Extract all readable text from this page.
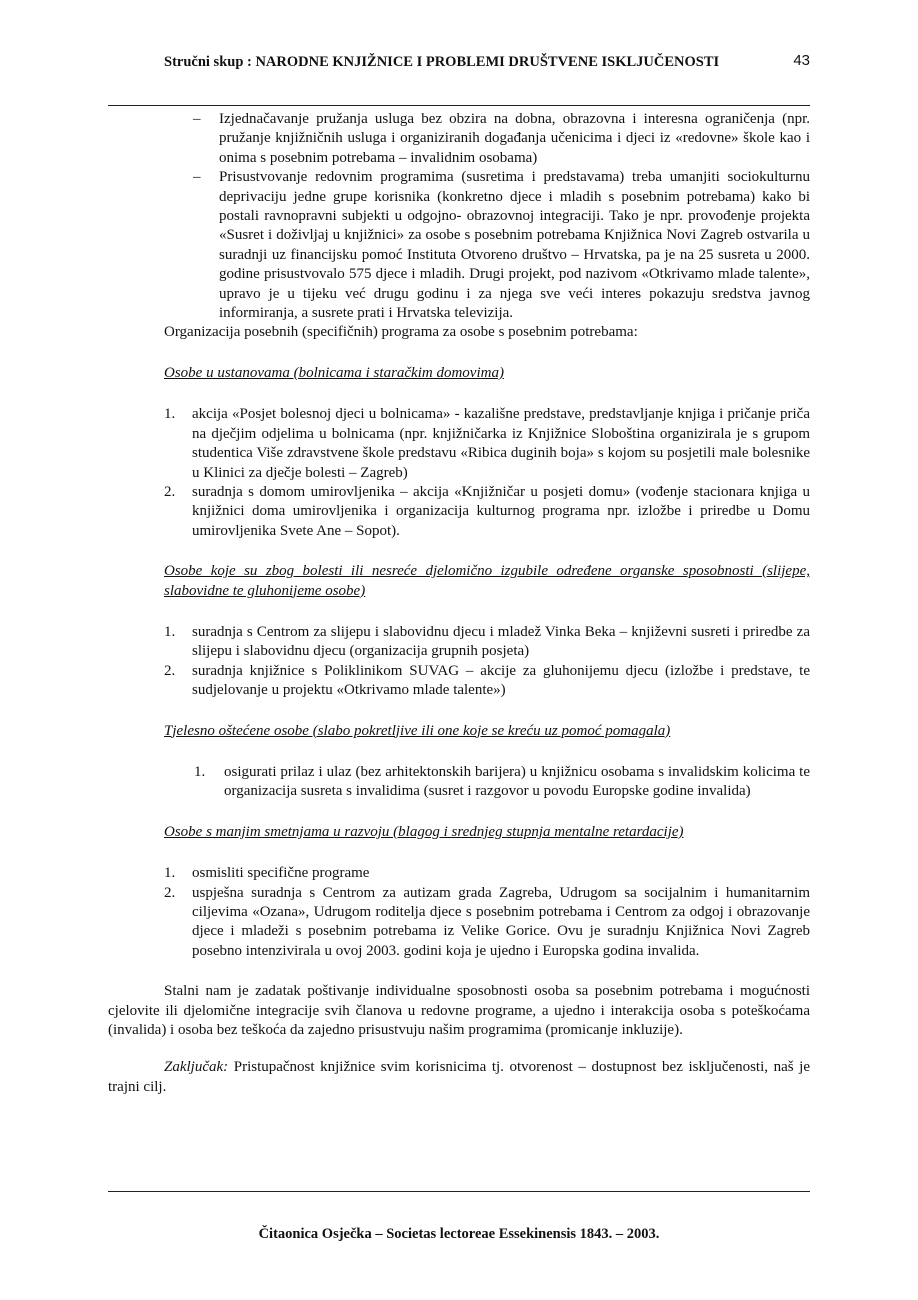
Stručni skup : NARODNE KNJIŽNICE I PROBLEMI DRUŠTVENE ISKLJUČENOSTI	43
– Izjednačavanje pružanja usluga bez obzira na dobna, obrazovna i interesna ograničenja (npr. pružanje knjižničnih usluga i organiziranih događanja učenicima i djeci iz «redovne» škole kao i onima s posebnim potrebama – invalidnim osobama)
– Prisustvovanje redovnim programima (susretima i predstavama) treba umanjiti sociokulturnu deprivaciju jedne grupe korisnika (konkretno djece i mladih s posebnim potrebama) kako bi postali ravnopravni subjekti u odgojno- obrazovnoj integraciji. Tako je npr. provođenje projekta «Susret i doživljaj u knjižnici» za osobe s posebnim potrebama Knjižnica Novi Zagreb ostvarila u suradnji uz financijsku pomoć Instituta Otvoreno društvo – Hrvatska, pa je na 25 susreta u 2000. godine prisustvovalo 575 djece i mladih. Drugi projekt, pod nazivom «Otkrivamo mlade talente», upravo je u tijeku već drugu godinu i za njega sve veći interes pokazuju sredstva javnog informiranja, a susrete prati i Hrvatska televizija.

Organizacija posebnih (specifičnih) programa za osobe s posebnim potrebama:

Osobe u ustanovama (bolnicama i staračkim domovima)

1. akcija «Posjet bolesnoj djeci u bolnicama» - kazališne predstave, predstavljanje knjiga i pričanje priča na dječjim odjelima u bolnicama (npr. knjižničarka iz Knjižnice Sloboština organizirala je s grupom studentica Više zdravstvene škole predstavu «Ribica duginih boja» s kojom su posjetili male bolesnike u Klinici za dječje bolesti – Zagreb)
2. suradnja s domom umirovljenika – akcija «Knjižničar u posjeti domu» (vođenje stacionara knjiga u knjižnici doma umirovljenika i organizacija kulturnog programa npr. izložbe i priredbe u Domu umirovljenika Svete Ane – Sopot).

Osobe koje su zbog bolesti ili nesreće djelomično izgubile određene organske sposobnosti (slijepe, slabovidne te gluhonijeme osobe)

1. suradnja s Centrom za slijepu i slabovidnu djecu i mladež Vinka Beka – književni susreti i priredbe za slijepu i slabovidnu djecu (organizacija grupnih posjeta)
2. suradnja knjižnice s Poliklinikom SUVAG – akcije za gluhonijemu djecu (izložbe i predstave, te sudjelovanje u projektu «Otkrivamo mlade talente»)

Tjelesno oštećene osobe (slabo pokretljive ili one koje se kreću uz pomoć pomagala)

1. osigurati prilaz i ulaz (bez arhitektonskih barijera) u knjižnicu osobama s invalidskim kolicima te organizacija susreta s invalidima (susret i razgovor u povodu Europske godine invalida)

Osobe s manjim smetnjama u razvoju (blagog i srednjeg stupnja mentalne retardacije)

1. osmisliti specifične programe
2. uspješna suradnja s Centrom za autizam grada Zagreba, Udrugom sa socijalnim i humanitarnim ciljevima «Ozana», Udrugom roditelja djece s posebnim potrebama i Centrom za odgoj i obrazovanje djece i mladeži s posebnim potrebama iz Velike Gorice. Ovu je suradnju Knjižnica Novi Zagreb posebno intenzivirala u ovoj 2003. godini koja je ujedno i Europska godina invalida.

Stalni nam je zadatak poštivanje individualne sposobnosti osoba sa posebnim potrebama i mogućnosti cjelovite ili djelomične integracije svih članova u redovne programe, a ujedno i interakcija osoba s poteškoćama (invalida) i osoba bez teškoća da zajedno prisustvuju našim programima (promicanje inkluzije).

Zaključak: Pristupačnost knjižnice svim korisnicima tj. otvorenost – dostupnost bez isključenosti, naš je trajni cilj.

Čitaonica Osječka – Societas lectoreae Essekinensis 1843. – 2003.
